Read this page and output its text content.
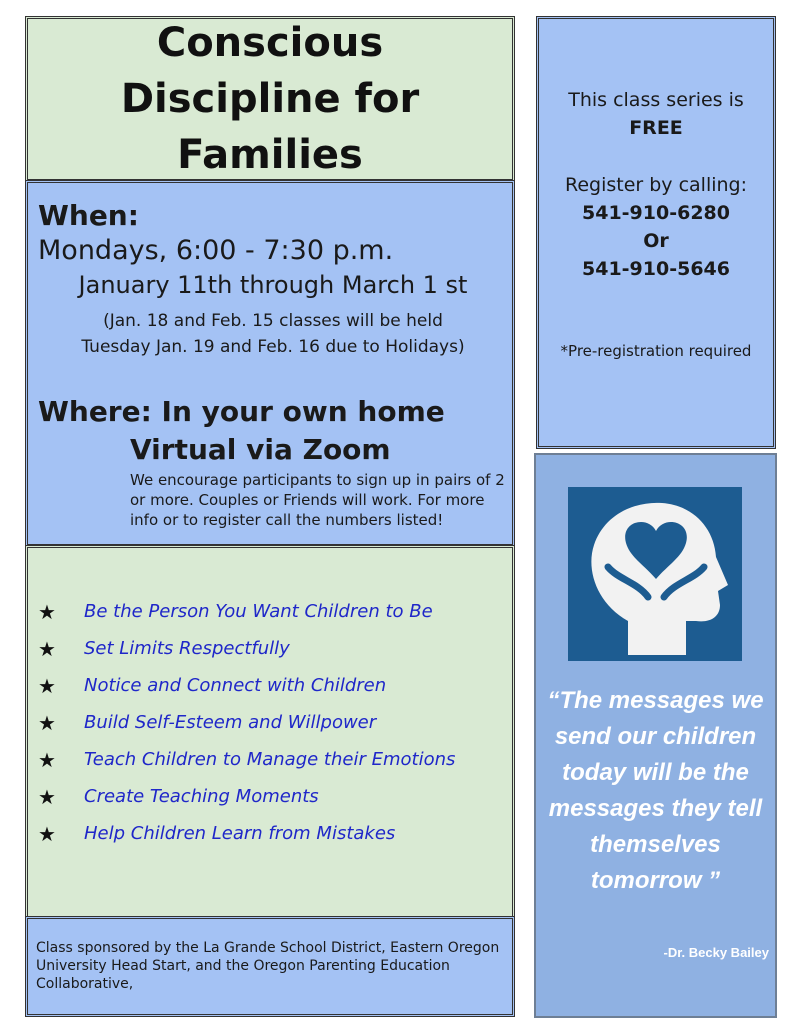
Conscious Discipline for Families
When:
Mondays, 6:00 - 7:30 p.m.
January 11th through March 1 st
(Jan. 18 and Feb. 15 classes will be held
Tuesday Jan. 19 and Feb. 16 due to Holidays)
Where: In your own home
Virtual via Zoom
We encourage participants to sign up in pairs of 2 or more. Couples or Friends will work. For more info or to register call the numbers listed!
★	Be the Person You Want Children to Be
★	Set Limits Respectfully
★	Notice and Connect with Children
★	Build Self-Esteem and Willpower
★	Teach Children to Manage their Emotions
★	Create Teaching Moments
★	Help Children Learn from Mistakes

Class sponsored by the La Grande School District, Eastern Oregon University Head Start, and the Oregon Parenting Education Collaborative,

This class series is
FREE
Register by calling:
541-910-6280
Or
541-910-5646
*Pre-registration required

“The messages we send our children today will be the messages they tell themselves tomorrow ”

-Dr. Becky Bailey
